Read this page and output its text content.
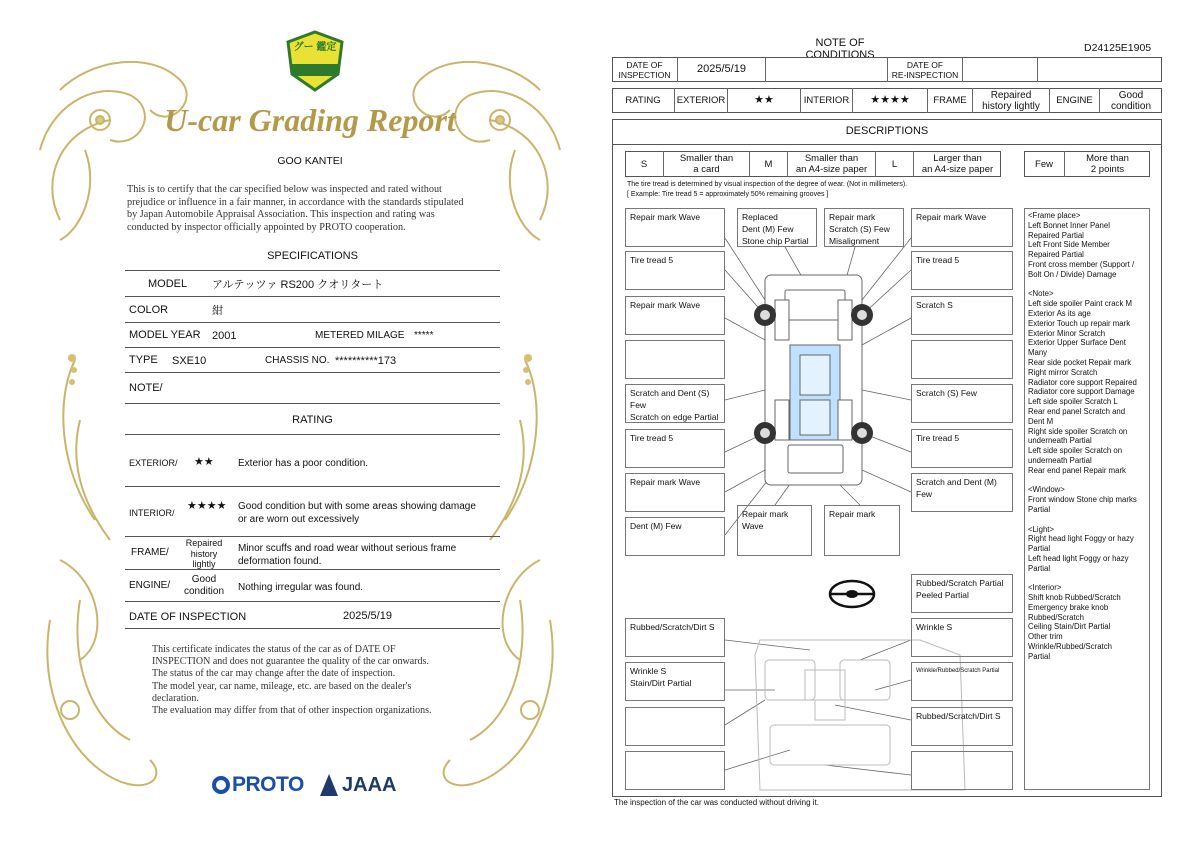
グー 鑑定
U-car Grading Report
GOO KANTEI
This is to certify that the car specified below was inspected and rated without
prejudice or influence in a fair manner, in accordance with the standards stipulated
by Japan Automobile Appraisal Association. This inspection and rating was
conducted by inspector officially appointed by PROTO cooperation.
SPECIFICATIONS
MODEL アルテッツァ RS200 クオリタート
COLOR	紺
MODEL YEAR 2001	METERED MILAGE *****
TYPE SXE10	CHASSIS NO. **********173
NOTE/
RATING
EXTERIOR/ ★★ Exterior has a poor condition.
INTERIOR/
★★★★ Good condition but with some areas showing damage
or are worn out excessively
FRAME/
Repaired
history
lightly
Minor scuffs and road wear without serious frame
deformation found.
ENGINE/
Good
condition	Nothing irregular was found.
DATE OF INSPECTION	2025/5/19
This certificate indicates the status of the car as of DATE OF
INSPECTION and does not guarantee the quality of the car onwards.
The status of the car may change after the date of inspection.
The model year, car name, mileage, etc. are based on the dealer's
declaration.
The evaluation may differ from that of other inspection organizations.
PROTO JAAA
NOTE OF CONDITIONS
D24125E1905
DATE OF
INSPECTION	2025/5/19	DATE OF
RE-INSPECTION
RATING	EXTERIOR	★★	INTERIOR	★★★★	FRAME	Repaired
history lightly	ENGINE	Good
condition
DESCRIPTIONS
S	Smaller than
a card	M	Smaller than
an A4-size paper	L	Larger than
an A4-size paper	Few	More than
2 points
The tire tread is determined by visual inspection of the degree of wear. (Not in millimeters).
[ Example: Tire tread 5 = approximately 50% remaining grooves ]
Repair mark Wave	Replaced
Dent (M) Few
Stone chip Partial
Repair mark
Scratch (S) Few
Misalignment
Repair mark Wave
Tire tread 5	Tire tread 5
Repair mark Wave	Scratch S
Scratch and Dent (S) Few
Scratch on edge Partial
Scratch (S) Few
Tire tread 5	Tire tread 5
Repair mark Wave	Scratch and Dent (M) Few
Dent (M) Few
Repair mark Wave
Repair mark
Rubbed/Scratch Partial
Peeled Partial
Rubbed/Scratch/Dirt S	Wrinkle S
Wrinkle S
Stain/Dirt Partial
Wrinkle/Rubbed/Scratch Partial
Rubbed/Scratch/Dirt S
<Frame place>
Left Bonnet Inner Panel
Repaired Partial
Left Front Side Member
Repaired Partial
Front cross member (Support /
Bolt On / Divide) Damage

<Note>
Left side spoiler Paint crack M
Exterior As its age
Exterior Touch up repair mark
Exterior Minor Scratch
Exterior Upper Surface Dent
Many
Rear side pocket Repair mark
Right mirror Scratch
Radiator core support Repaired
Radiator core support Damage
Left side spoiler Scratch L
Rear end panel Scratch and
Dent M
Right side spoiler Scratch on
underneath Partial
Left side spoiler Scratch on
underneath Partial
Rear end panel Repair mark

<Window>
Front window Stone chip marks
Partial

<Light>
Right head light Foggy or hazy
Partial
Left head light Foggy or hazy
Partial

<Interior>
Shift knob Rubbed/Scratch
Emergency brake knob
Rubbed/Scratch
Ceiling Stain/Dirt Partial
Other trim
Wrinkle/Rubbed/Scratch
Partial
The inspection of the car was conducted without driving it.
